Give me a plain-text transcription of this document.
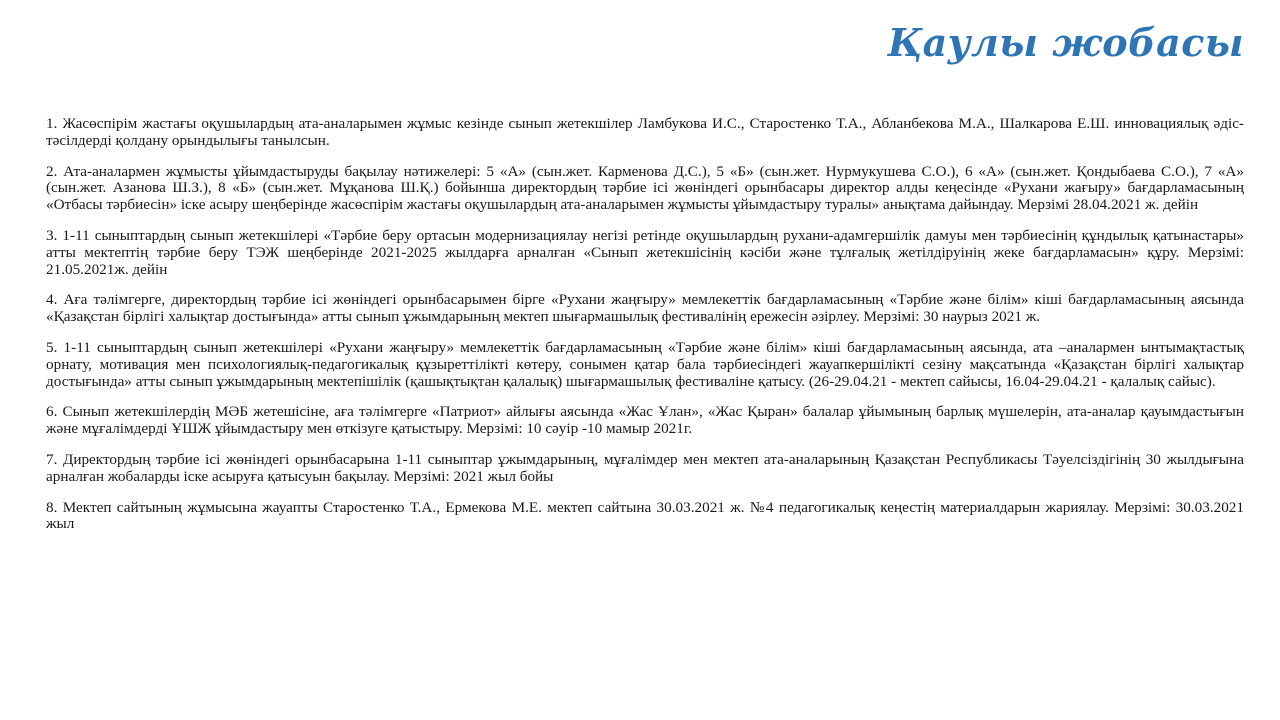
Қаулы жобасы

1. Жасөспірім жастағы оқушылардың ата-аналарымен жұмыс кезінде сынып жетекшілер Ламбукова И.С., Старостенко Т.А., Абланбекова М.А., Шалкарова Е.Ш. инновациялық әдіс-тәсілдерді қолдану орындылығы танылсын.

2. Ата-аналармен жұмысты ұйымдастыруды бақылау нәтижелері: 5 «А» (сын.жет. Карменова Д.С.), 5 «Б» (сын.жет. Нурмукушева С.О.), 6 «А» (сын.жет. Қондыбаева С.О.), 7 «А» (сын.жет. Азанова Ш.З.), 8 «Б» (сын.жет. Мұқанова Ш.Қ.) бойынша директордың тәрбие ісі жөніндегі орынбасары директор алды кеңесінде «Рухани жағыру» бағдарламасының «Отбасы тәрбиесін» іске асыру шеңберінде жасөспірім жастағы оқушылардың ата-аналарымен жұмысты ұйымдастыру туралы» анықтама дайындау. Мерзімі 28.04.2021 ж. дейін

3. 1-11 сыныптардың сынып жетекшілері «Тәрбие беру ортасын модернизациялау негізі ретінде оқушылардың рухани-адамгершілік дамуы мен тәрбиесінің құндылық қатынастары» атты мектептің тәрбие беру ТЭЖ шеңберінде 2021-2025 жылдарға арналған «Сынып жетекшісінің кәсіби және тұлғалық жетілдіруінің жеке бағдарламасын» құру. Мерзімі: 21.05.2021ж. дейін

4. Аға тәлімгерге, директордың тәрбие ісі жөніндегі орынбасарымен бірге «Рухани жаңғыру» мемлекеттік бағдарламасының «Тәрбие және білім» кіші бағдарламасының аясында «Қазақстан бірлігі халықтар достығында» атты сынып ұжымдарының мектеп шығармашылық фестивалінің ережесін әзірлеу. Мерзімі: 30 наурыз 2021 ж.

5. 1-11 сыныптардың сынып жетекшілері «Рухани жаңғыру» мемлекеттік бағдарламасының «Тәрбие және білім» кіші бағдарламасының аясында, ата –аналармен ынтымақтастық орнату, мотивация мен психологиялық-педагогикалық құзыреттілікті көтеру, сонымен қатар бала тәрбиесіндегі жауапкершілікті сезіну мақсатында «Қазақстан бірлігі халықтар достығында» атты сынып ұжымдарының мектепішілік (қашықтықтан қалалық) шығармашылық фестиваліне қатысу. (26-29.04.21 - мектеп сайысы, 16.04-29.04.21 - қалалық сайыс).

6. Сынып жетекшілердің МӘБ жетешісіне, аға тәлімгерге «Патриот» айлығы аясында «Жас Ұлан», «Жас Қыран» балалар ұйымының барлық мүшелерін, ата-аналар қауымдастығын және мұғалімдерді ҰШЖ ұйымдастыру мен өткізуге қатыстыру. Мерзімі: 10 сәуір -10 мамыр 2021г.

7. Директордың тәрбие ісі жөніндегі орынбасарына 1-11 сыныптар ұжымдарының, мұғалімдер мен мектеп ата-аналарының Қазақстан Республикасы Тәуелсіздігінің 30 жылдығына арналған жобаларды іске асыруға қатысуын бақылау. Мерзімі: 2021 жыл бойы

8. Мектеп сайтының жұмысына жауапты Старостенко Т.А., Ермекова М.Е. мектеп сайтына 30.03.2021 ж. №4 педагогикалық кеңестің материалдарын жариялау. Мерзімі: 30.03.2021 жыл
